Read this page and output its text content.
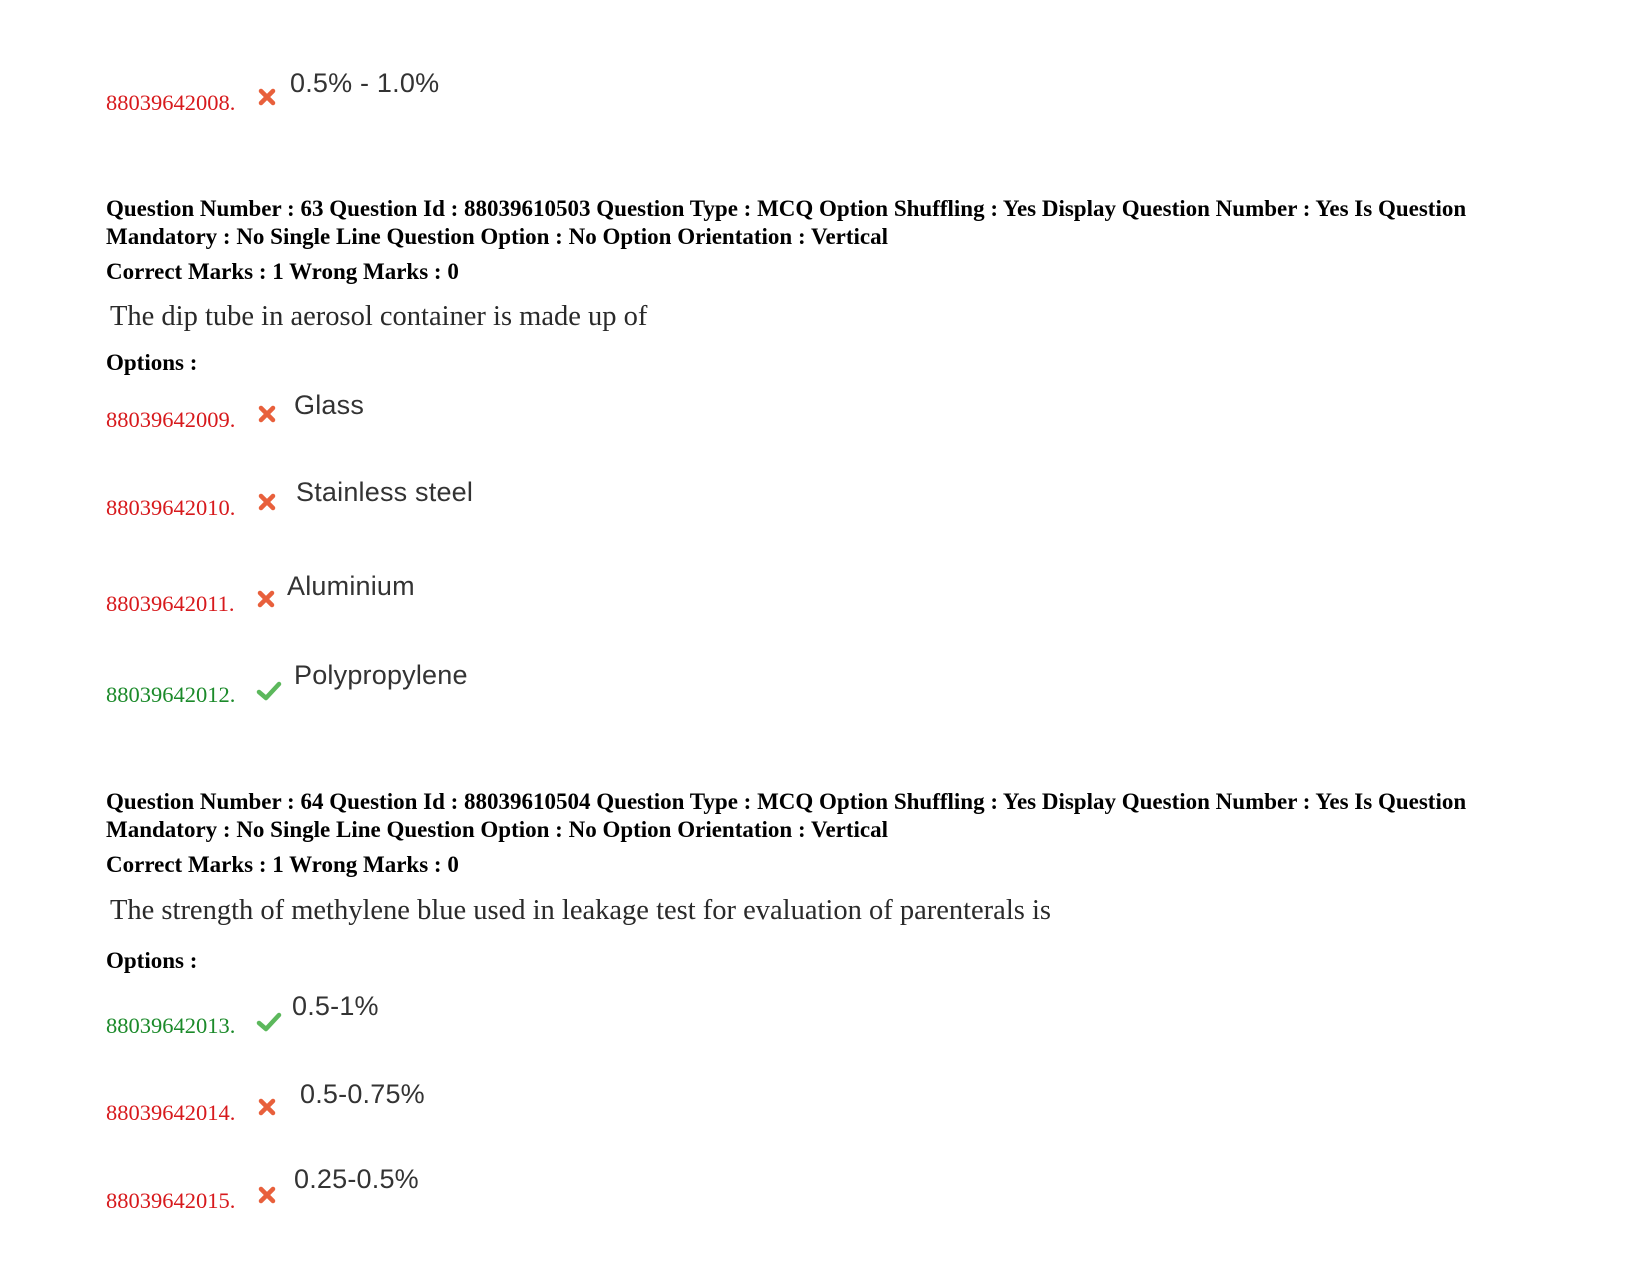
88039642008.
0.5% - 1.0%
Question Number : 63 Question Id : 88039610503 Question Type : MCQ Option Shuffling : Yes Display Question Number : Yes Is Question Mandatory : No Single Line Question Option : No Option Orientation : Vertical
Correct Marks : 1 Wrong Marks : 0
The dip tube in aerosol container is made up of
Options :
88039642009. Glass
88039642010.
Stainless steel
88039642011.
Aluminium
88039642012.
Polypropylene
Question Number : 64 Question Id : 88039610504 Question Type : MCQ Option Shuffling : Yes Display Question Number : Yes Is Question Mandatory : No Single Line Question Option : No Option Orientation : Vertical
Correct Marks : 1 Wrong Marks : 0
The strength of methylene blue used in leakage test for evaluation of parenterals is
Options :
88039642013.
0.5-1%
88039642014.
0.5-0.75%
88039642015.
0.25-0.5%
